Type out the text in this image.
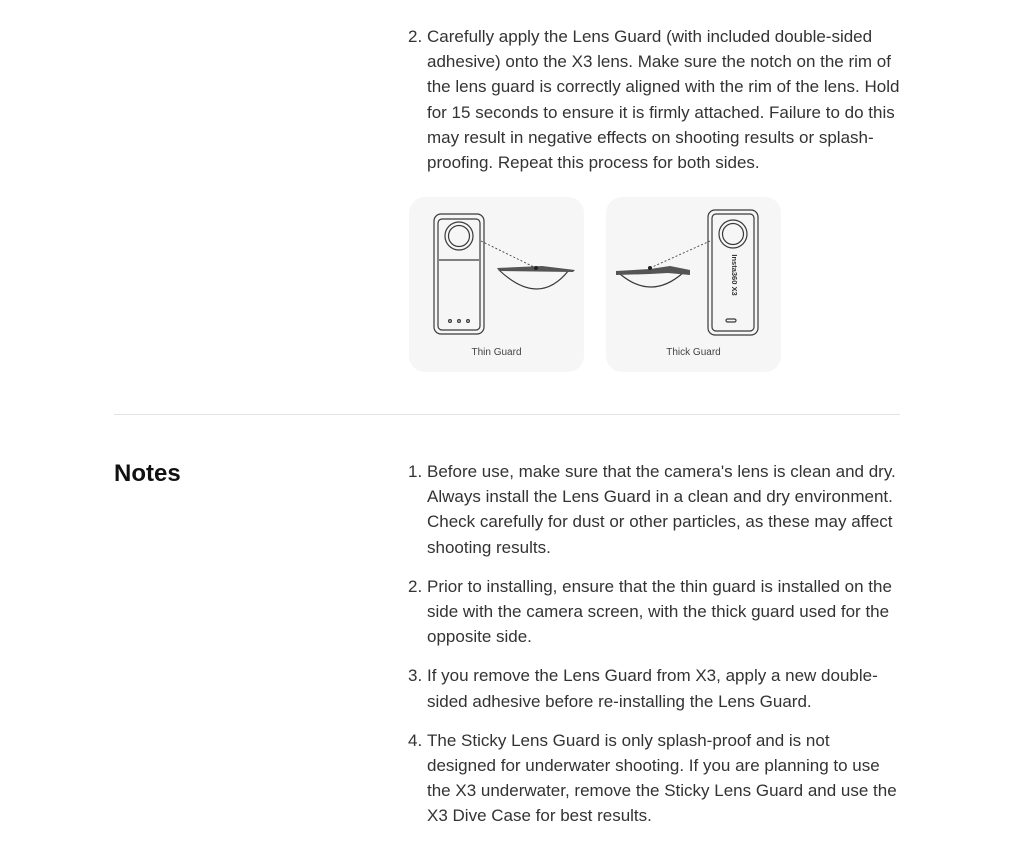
2. Carefully apply the Lens Guard (with included double-sided adhesive) onto the X3 lens. Make sure the notch on the rim of the lens guard is correctly aligned with the rim of the lens. Hold for 15 seconds to ensure it is firmly attached. Failure to do this may result in negative effects on shooting results or splash-proofing. Repeat this process for both sides.
Thin Guard
Insta360 X3
Thick Guard
Notes	1. Before use, make sure that the camera's lens is clean and dry. Always install the Lens Guard in a clean and dry environment. Check carefully for dust or other particles, as these may affect shooting results.
2. Prior to installing, ensure that the thin guard is installed on the side with the camera screen, with the thick guard used for the opposite side.
3. If you remove the Lens Guard from X3, apply a new double-sided adhesive before re-installing the Lens Guard.
4. The Sticky Lens Guard is only splash-proof and is not designed for underwater shooting. If you are planning to use the X3 underwater, remove the Sticky Lens Guard and use the X3 Dive Case for best results.
